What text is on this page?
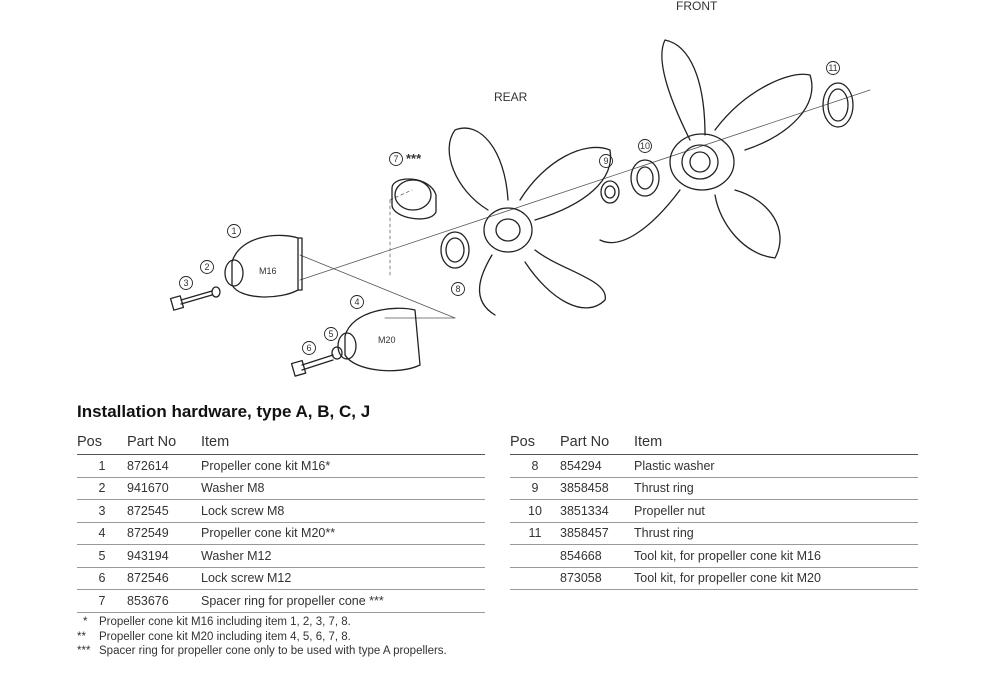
FRONT
REAR
M16
M20
1
2
3
4
5
6
7
8
9
10
11
***
Installation hardware, type A, B, C, J
Pos	Part No	Item
1	872614	Propeller cone kit M16*
2	941670	Washer M8
3	872545	Lock screw M8
4	872549	Propeller cone kit M20**
5	943194	Washer M12
6	872546	Lock screw M12
7	853676	Spacer ring for propeller cone ***
Pos	Part No	Item
8	854294	Plastic washer
9	3858458	Thrust ring
10	3851334	Propeller nut
11	3858457	Thrust ring
	854668	Tool kit, for propeller cone kit M16
	873058	Tool kit, for propeller cone kit M20
* Propeller cone kit M16 including item 1, 2, 3, 7, 8.
** Propeller cone kit M20 including item 4, 5, 6, 7, 8.
*** Spacer ring for propeller cone only to be used with type A propellers.
